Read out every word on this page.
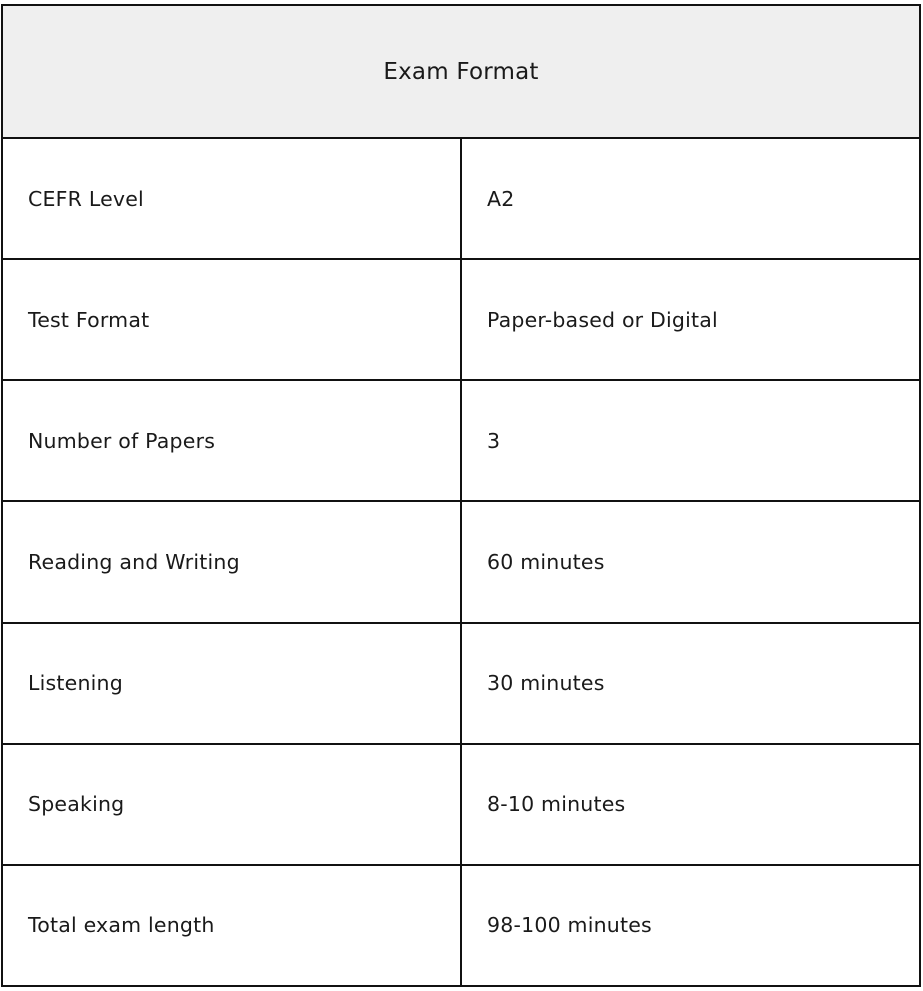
Exam Format	
CEFR Level	A2
Test Format	Paper-based or Digital
Number of Papers	3
Reading and Writing	60 minutes
Listening	30 minutes
Speaking	8-10 minutes
Total exam length	98-100 minutes
